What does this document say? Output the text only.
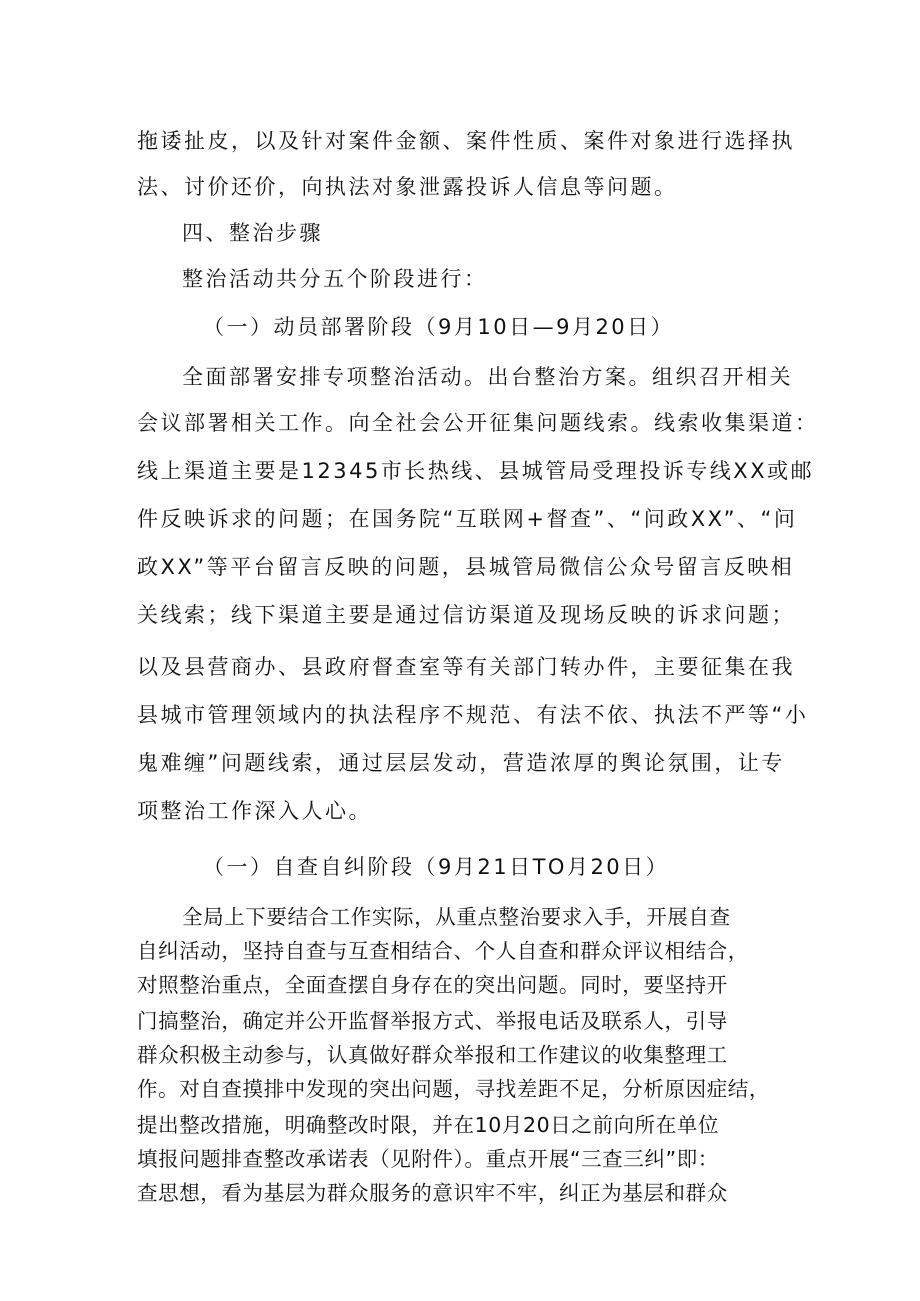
拖诿扯皮，以及针对案件金额、案件性质、案件对象进行选择执
法、讨价还价，向执法对象泄露投诉人信息等问题。
四、整治步骤
整治活动共分五个阶段进行：
（一）动员部署阶段（9月10日—9月20日）
全面部署安排专项整治活动。出台整治方案。组织召开相关
会议部署相关工作。向全社会公开征集问题线索。线索收集渠道：
线上渠道主要是12345市长热线、县城管局受理投诉专线XX或邮
件反映诉求的问题；在国务院“互联网+督查”、“问政XX”、“问
政XX”等平台留言反映的问题，县城管局微信公众号留言反映相
关线索；线下渠道主要是通过信访渠道及现场反映的诉求问题；
以及县营商办、县政府督查室等有关部门转办件，主要征集在我
县城市管理领域内的执法程序不规范、有法不依、执法不严等“小
鬼难缠”问题线索，通过层层发动，营造浓厚的舆论氛围，让专
项整治工作深入人心。
（一）自查自纠阶段（9月21日TO月20日）
全局上下要结合工作实际，从重点整治要求入手，开展自查
自纠活动，坚持自查与互查相结合、个人自查和群众评议相结合，
对照整治重点，全面查摆自身存在的突出问题。同时，要坚持开
门搞整治，确定并公开监督举报方式、举报电话及联系人，引导
群众积极主动参与，认真做好群众举报和工作建议的收集整理工
作。对自查摸排中发现的突出问题，寻找差距不足，分析原因症结，
提出整改措施，明确整改时限，并在10月20日之前向所在单位
填报问题排查整改承诺表（见附件）。重点开展“三查三纠”即：
查思想，看为基层为群众服务的意识牢不牢，纠正为基层和群众
